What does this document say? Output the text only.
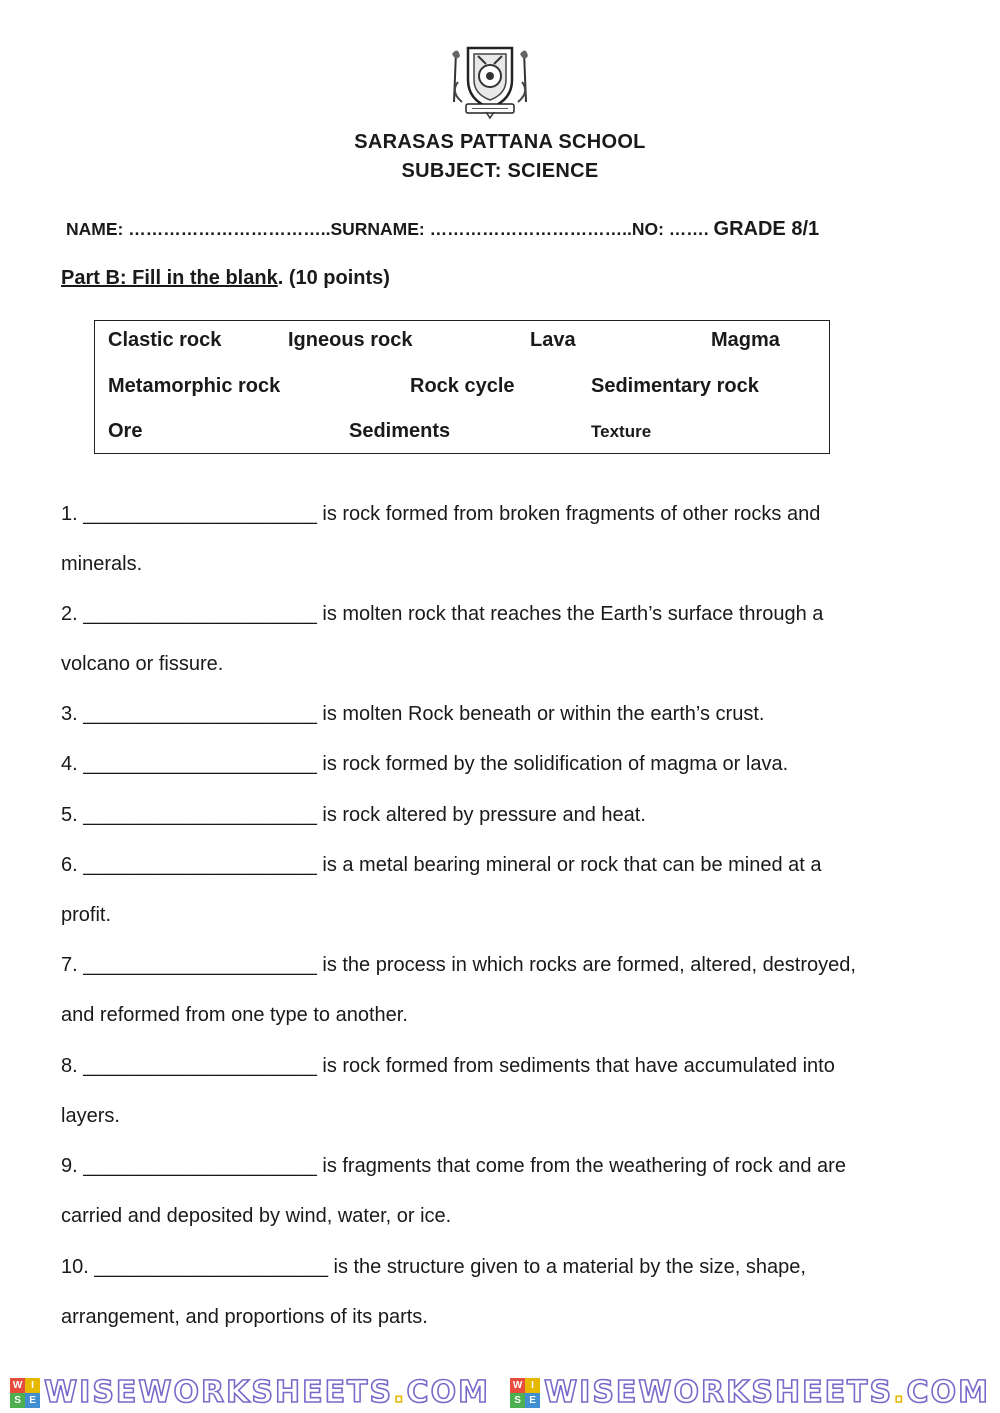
SARASAS PATTANA SCHOOL
SUBJECT: SCIENCE
NAME: ……………………………..SURNAME: ……………………………..NO: ……. GRADE 8/1
Part B: Fill in the blank. (10 points)
Clastic rock	Igneous rock	Lava	Magma
Metamorphic rock	Rock cycle	Sedimentary rock
Ore	Sediments	Texture
1. _____________________ is rock formed from broken fragments of other rocks and
minerals.
2. _____________________ is molten rock that reaches the Earth’s surface through a
volcano or fissure.
3. _____________________ is molten Rock beneath or within the earth’s crust.
4. _____________________ is rock formed by the solidification of magma or lava.
5. _____________________ is rock altered by pressure and heat.
6. _____________________ is a metal bearing mineral or rock that can be mined at a
profit.
7. _____________________ is the process in which rocks are formed, altered, destroyed,
and reformed from one type to another.
8. _____________________ is rock formed from sediments that have accumulated into
layers.
9. _____________________ is fragments that come from the weathering of rock and are
carried and deposited by wind, water, or ice.
10. _____________________ is the structure given to a material by the size, shape,
arrangement, and proportions of its parts.
W I
S E WISEWORKSHEETS.COM W I
S E WISEWORKSHEETS.COM
